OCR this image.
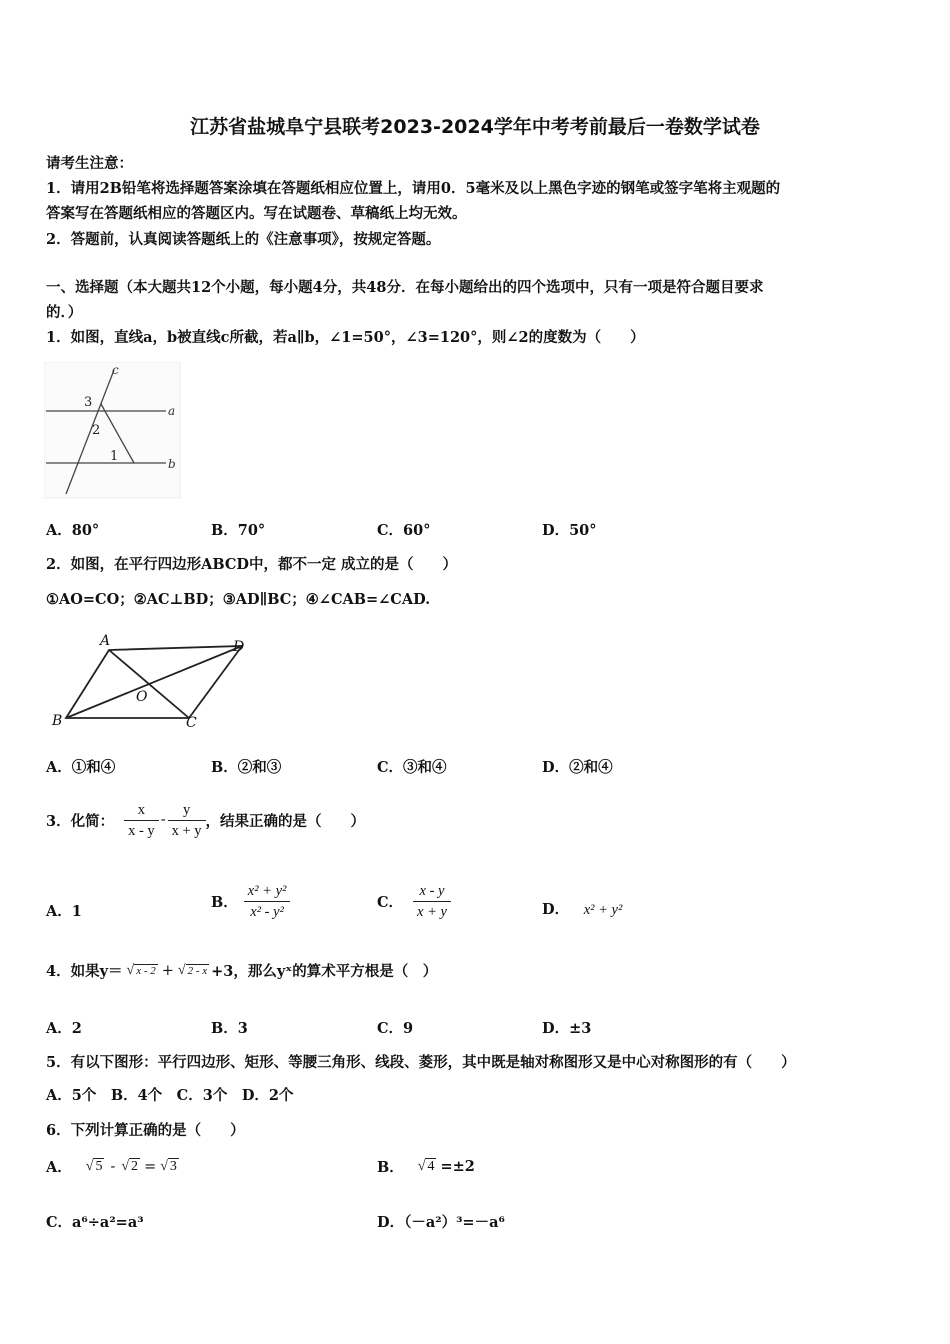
江苏省盐城阜宁县联考2023-2024学年中考考前最后一卷数学试卷
请考生注意：
1．请用2B铅笔将选择题答案涂填在答题纸相应位置上，请用0．5毫米及以上黑色字迹的钢笔或签字笔将主观题的
答案写在答题纸相应的答题区内。写在试题卷、草稿纸上均无效。
2．答题前，认真阅读答题纸上的《注意事项》，按规定答题。
一、选择题（本大题共12个小题，每小题4分，共48分．在每小题给出的四个选项中，只有一项是符合题目要求
的．）
1．如图，直线a，b被直线c所截，若a∥b，∠1=50°，∠3=120°，则∠2的度数为（　　）
c
a
b
3
2
1
A．80°	B．70°	C．60°	D．50°
2．如图，在平行四边形ABCD中，都不一定 成立的是（　　）
①AO=CO；②AC⊥BD；③AD∥BC；④∠CAB=∠CAD.
A	D
B	C
O
A．①和④	B．②和③	C．③和④	D．②和④
3．化简： $\frac{x}{x - y} - \frac{y}{x + y}$ ，结果正确的是（　　）
A．1
B． $\frac{\text{x² + y²}}{\text{x² - y²}}$	C． $\frac{x - y}{x + y}$	D． x² + y²
4．如果y＝ √ x - 2 + √ 2 - x +3，那么yˣ的算术平方根是（　）
A．2	B．3	C．9	D．±3
5．有以下图形：平行四边形、矩形、等腰三角形、线段、菱形，其中既是轴对称图形又是中心对称图形的有（　　）
A．5个　B．4个　C．3个　D．2个
6．下列计算正确的是（　　）
A． √ 5 - √ 2 = √ 3	B． √ 4 =±2
C．a⁶÷a²=a³	D．（－a²）³=－a⁶
